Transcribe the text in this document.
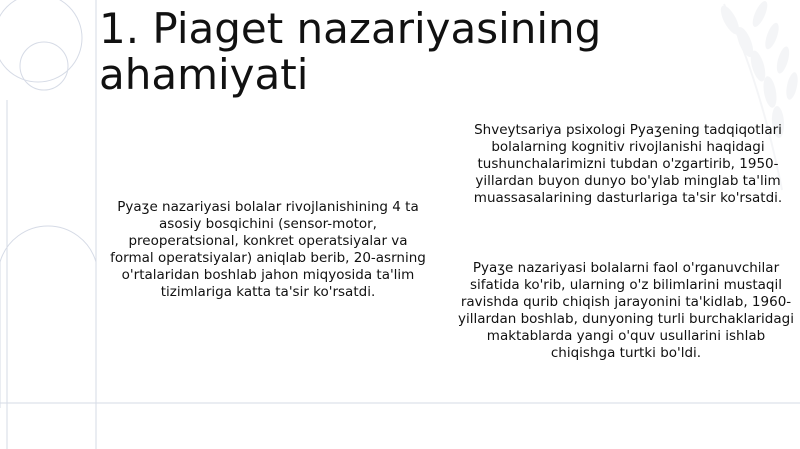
1. Piaget nazariyasining ahamiyati

Pyaʒe nazariyasi bolalar rivojlanishining 4 ta asosiy bosqichini (sensor-motor, preoperatsional, konkret operatsiyalar va formal operatsiyalar) aniqlab berib, 20-asrning o'rtalaridan boshlab jahon miqyosida ta'lim tizimlariga katta ta'sir ko'rsatdi.

Shveytsariya psixologi Pyaʒening tadqiqotlari bolalarning kognitiv rivojlanishi haqidagi tushunchalarimizni tubdan o'zgartirib, 1950-yillardan buyon dunyo bo'ylab minglab ta'lim muassasalarining dasturlariga ta'sir ko'rsatdi.

Pyaʒe nazariyasi bolalarni faol o'rganuvchilar sifatida ko'rib, ularning o'z bilimlarini mustaqil ravishda qurib chiqish jarayonini ta'kidlab, 1960-yillardan boshlab, dunyoning turli burchaklaridagi maktablarda yangi o'quv usullarini ishlab chiqishga turtki bo'ldi.
